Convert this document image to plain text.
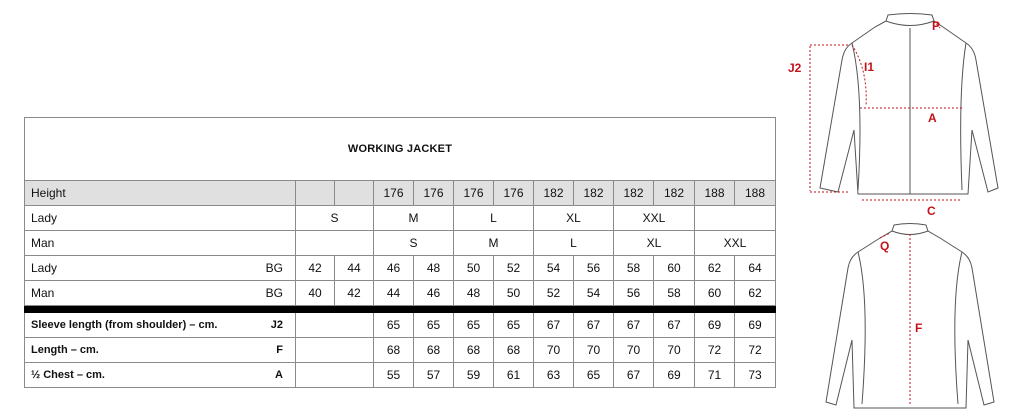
WORKING JACKET												
Height			176	176	176	176	182	182	182	182	188	188
Lady	S		M		L		XL		XXL			
Man			S		M		L		XL		XXL	
Lady BG	42	44	46	48	50	52	54	56	58	60	62	64
Man BG	40	42	44	46	48	50	52	54	56	58	60	62

Sleeve length (from shoulder) – cm. J2			65	65	65	65	67	67	67	67	69	69
Length – cm. F			68	68	68	68	70	70	70	70	72	72
½ Chest – cm. A			55	57	59	61	63	65	67	69	71	73
P
I1
J2
A
C
Q
F
